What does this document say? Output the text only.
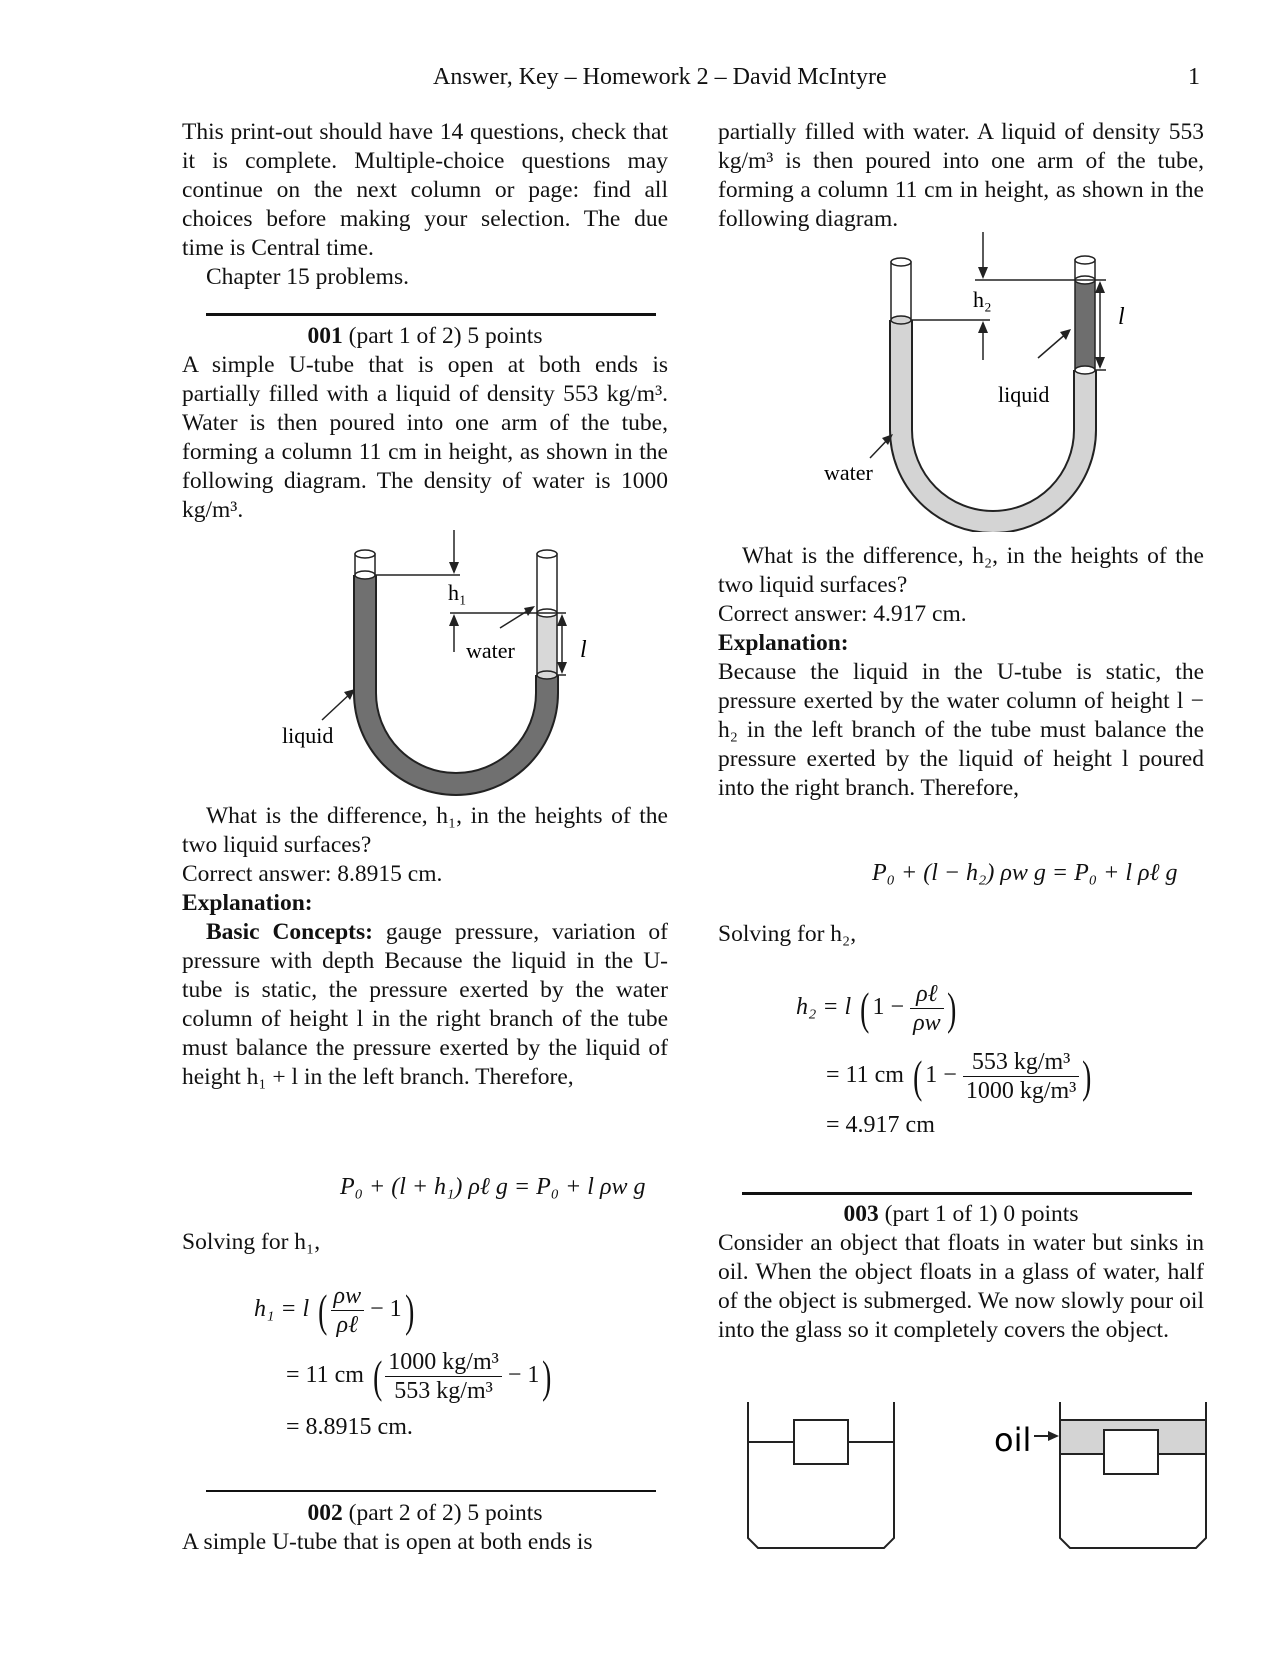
Answer, Key – Homework 2 – David McIntyre	1

This print-out should have 14 questions, check that it is complete. Multiple-choice questions may continue on the next column or page: find all choices before making your selection. The due time is Central time.

Chapter 15 problems.

001 (part 1 of 2) 5 points

A simple U-tube that is open at both ends is partially filled with a liquid of density 553 kg/m³. Water is then poured into one arm of the tube, forming a column 11 cm in height, as shown in the following diagram. The density of water is 1000 kg/m³.

h₁
l
water
liquid

What is the difference, h₁, in the heights of the two liquid surfaces?

Correct answer: 8.8915 cm.

Explanation:

Basic Concepts: gauge pressure, variation of pressure with depth Because the liquid in the U-tube is static, the pressure exerted by the water column of height l in the right branch of the tube must balance the pressure exerted by the liquid of height h₁ + l in the left branch. Therefore,

P₀ + (l + h₁) ρℓ g = P₀ + l ρw g

Solving for h₁,

h₁ = l ( $\frac{\rho w}{\text{ρℓ}} - 1$)
= 11 cm ( $\frac{\text{1000 kg/m³}}{\text{553 kg/m³}} - 1$)
= 8.8915 cm.

002 (part 2 of 2) 5 points

A simple U-tube that is open at both ends is

partially filled with water. A liquid of density 553 kg/m³ is then poured into one arm of the tube, forming a column 11 cm in height, as shown in the following diagram.

h₂
l
liquid
water

What is the difference, h₂, in the heights of the two liquid surfaces?

Correct answer: 4.917 cm.

Explanation:

Because the liquid in the U-tube is static, the pressure exerted by the water column of height l − h₂ in the left branch of the tube must balance the pressure exerted by the liquid of height l poured into the right branch. Therefore,

P₀ + (l − h₂) ρw g = P₀ + l ρℓ g

Solving for h₂,

h₂ = l ( $1 - \frac{\text{ρℓ}}{\rho w}$ )
= 11 cm ( $1 - \frac{\text{553 kg/m³}}{\text{1000 kg/m³}}$ )
= 4.917 cm

003 (part 1 of 1) 0 points

Consider an object that floats in water but sinks in oil. When the object floats in a glass of water, half of the object is submerged. We now slowly pour oil into the glass so it completely covers the object.

oil
